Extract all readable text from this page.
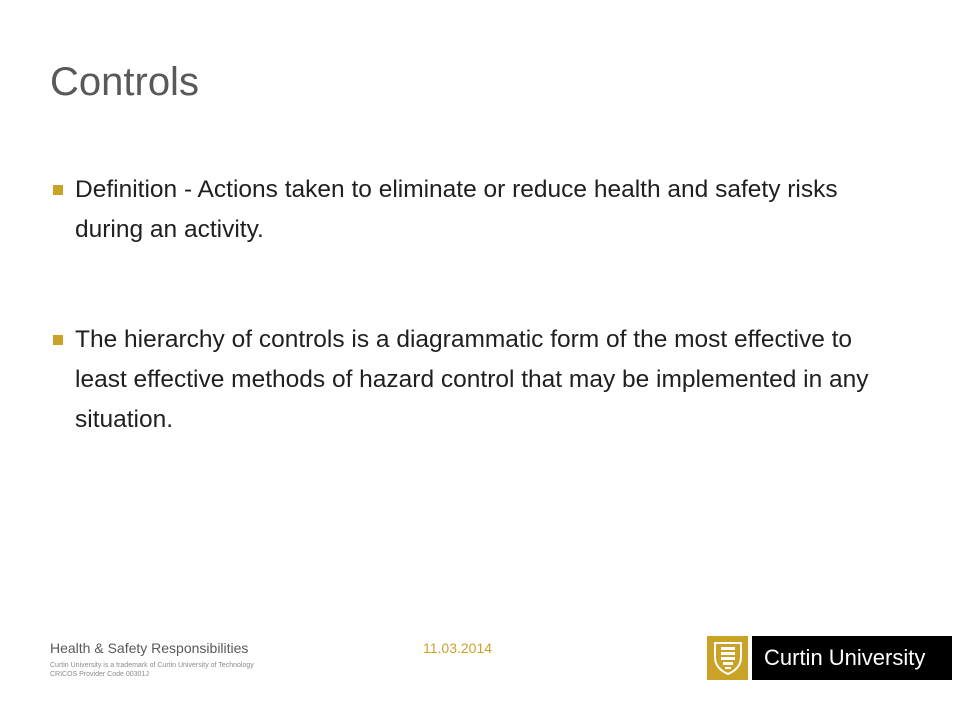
Controls
Definition - Actions taken to eliminate or reduce health and safety risks during an activity.
The hierarchy of controls is a diagrammatic form of the most effective to least effective methods of hazard control that may be implemented in any situation.
Health & Safety Responsibilities	11.03.2014
Curtin University is a trademark of Curtin University of Technology
CRICOS Provider Code 00301J
Curtin University
